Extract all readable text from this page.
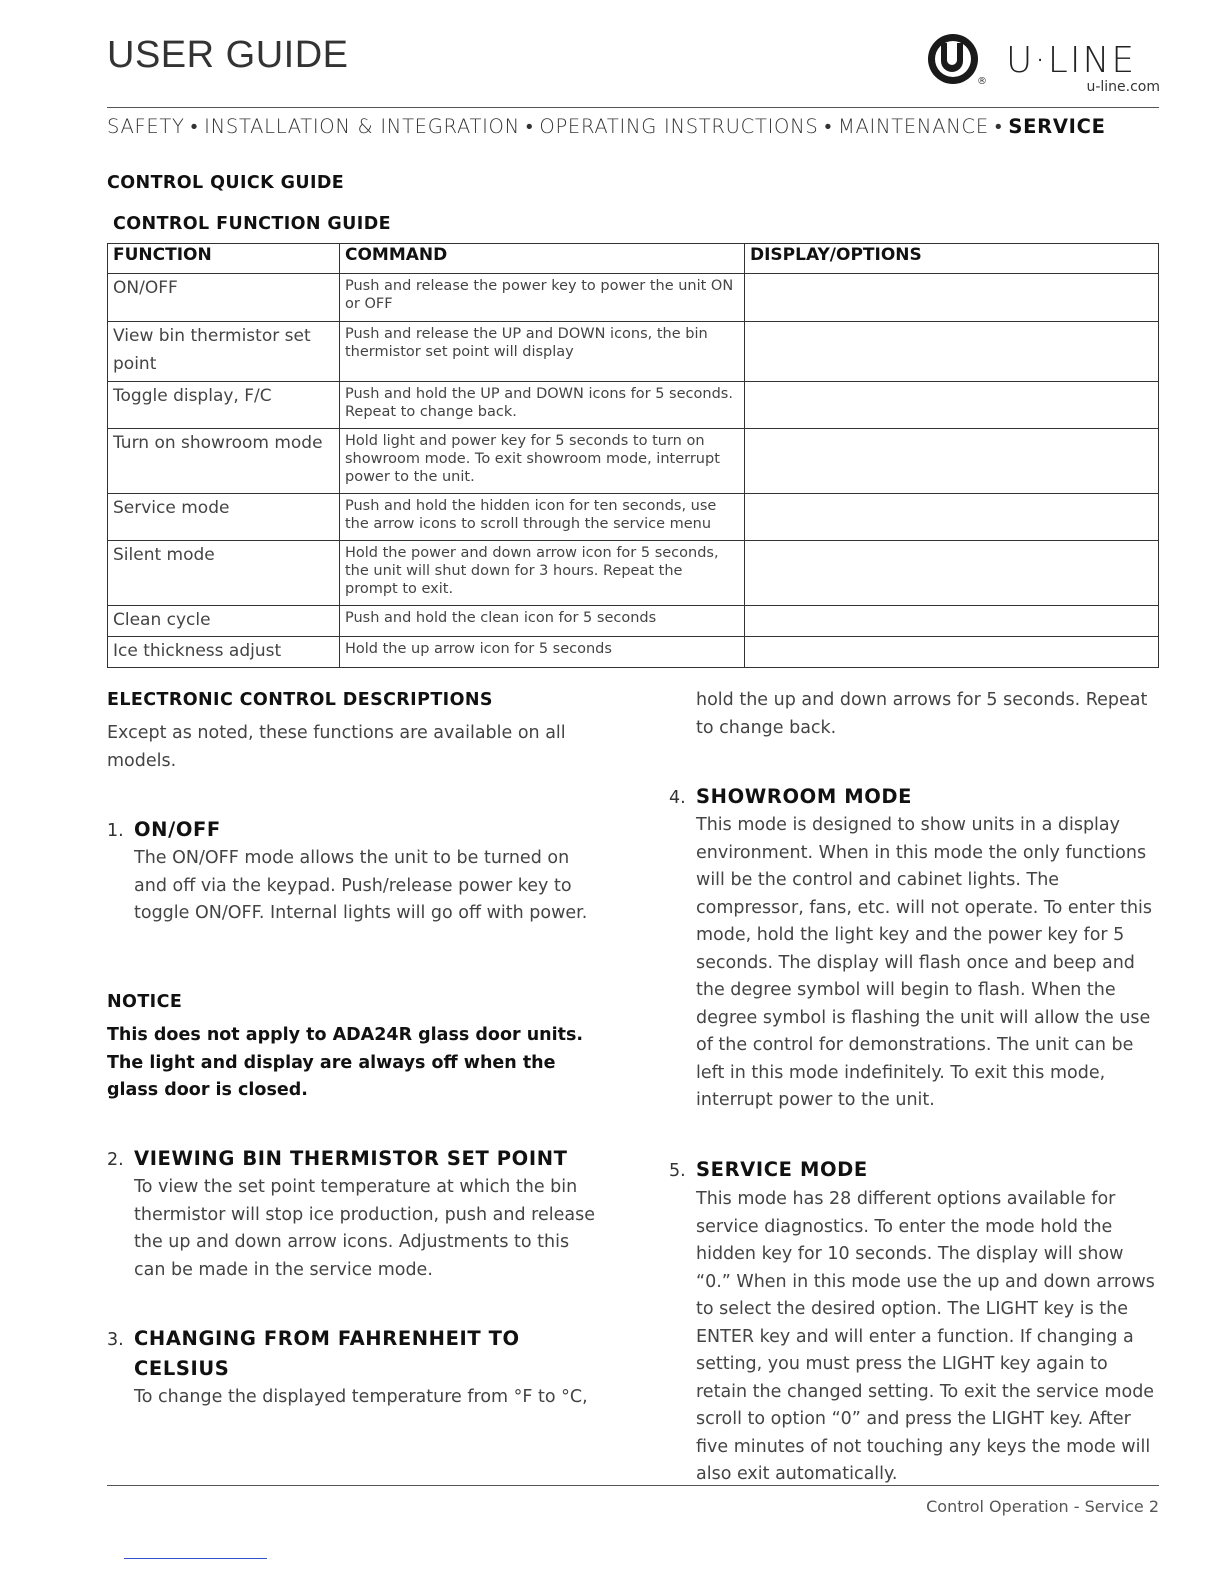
USER GUIDE
®
U·LINE
u-line.com
SAFETY • INSTALLATION & INTEGRATION • OPERATING INSTRUCTIONS • MAINTENANCE • SERVICE
CONTROL QUICK GUIDE
CONTROL FUNCTION GUIDE
FUNCTION	COMMAND	DISPLAY/OPTIONS
ON/OFF	Push and release the power key to power the unit ON or OFF	
View bin thermistor set point	Push and release the UP and DOWN icons, the bin thermistor set point will display	
Toggle display, F/C	Push and hold the UP and DOWN icons for 5 seconds. Repeat to change back.	
Turn on showroom mode	Hold light and power key for 5 seconds to turn on showroom mode. To exit showroom mode, interrupt power to the unit.	
Service mode	Push and hold the hidden icon for ten seconds, use the arrow icons to scroll through the service menu	
Silent mode	Hold the power and down arrow icon for 5 seconds, the unit will shut down for 3 hours. Repeat the prompt to exit.	
Clean cycle	Push and hold the clean icon for 5 seconds	
Ice thickness adjust	Hold the up arrow icon for 5 seconds	
ELECTRONIC CONTROL DESCRIPTIONS
Except as noted, these functions are available on all models.
1. ON/OFF
The ON/OFF mode allows the unit to be turned on and off via the keypad. Push/release power key to toggle ON/OFF. Internal lights will go off with power.
NOTICE
This does not apply to ADA24R glass door units. The light and display are always off when the glass door is closed.
2. VIEWING BIN THERMISTOR SET POINT
To view the set point temperature at which the bin thermistor will stop ice production, push and release the up and down arrow icons. Adjustments to this can be made in the service mode.
3. CHANGING FROM FAHRENHEIT TO CELSIUS
To change the displayed temperature from °F to °C,
hold the up and down arrows for 5 seconds. Repeat to change back.
4. SHOWROOM MODE
This mode is designed to show units in a display environment. When in this mode the only functions will be the control and cabinet lights. The compressor, fans, etc. will not operate. To enter this mode, hold the light key and the power key for 5 seconds. The display will flash once and beep and the degree symbol will begin to flash. When the degree symbol is flashing the unit will allow the use of the control for demonstrations. The unit can be left in this mode indefinitely. To exit this mode, interrupt power to the unit.
5. SERVICE MODE
This mode has 28 different options available for service diagnostics. To enter the mode hold the hidden key for 10 seconds. The display will show “0.” When in this mode use the up and down arrows to select the desired option. The LIGHT key is the ENTER key and will enter a function. If changing a setting, you must press the LIGHT key again to retain the changed setting. To exit the service mode scroll to option “0” and press the LIGHT key. After five minutes of not touching any keys the mode will also exit automatically.
Control Operation - Service 2
